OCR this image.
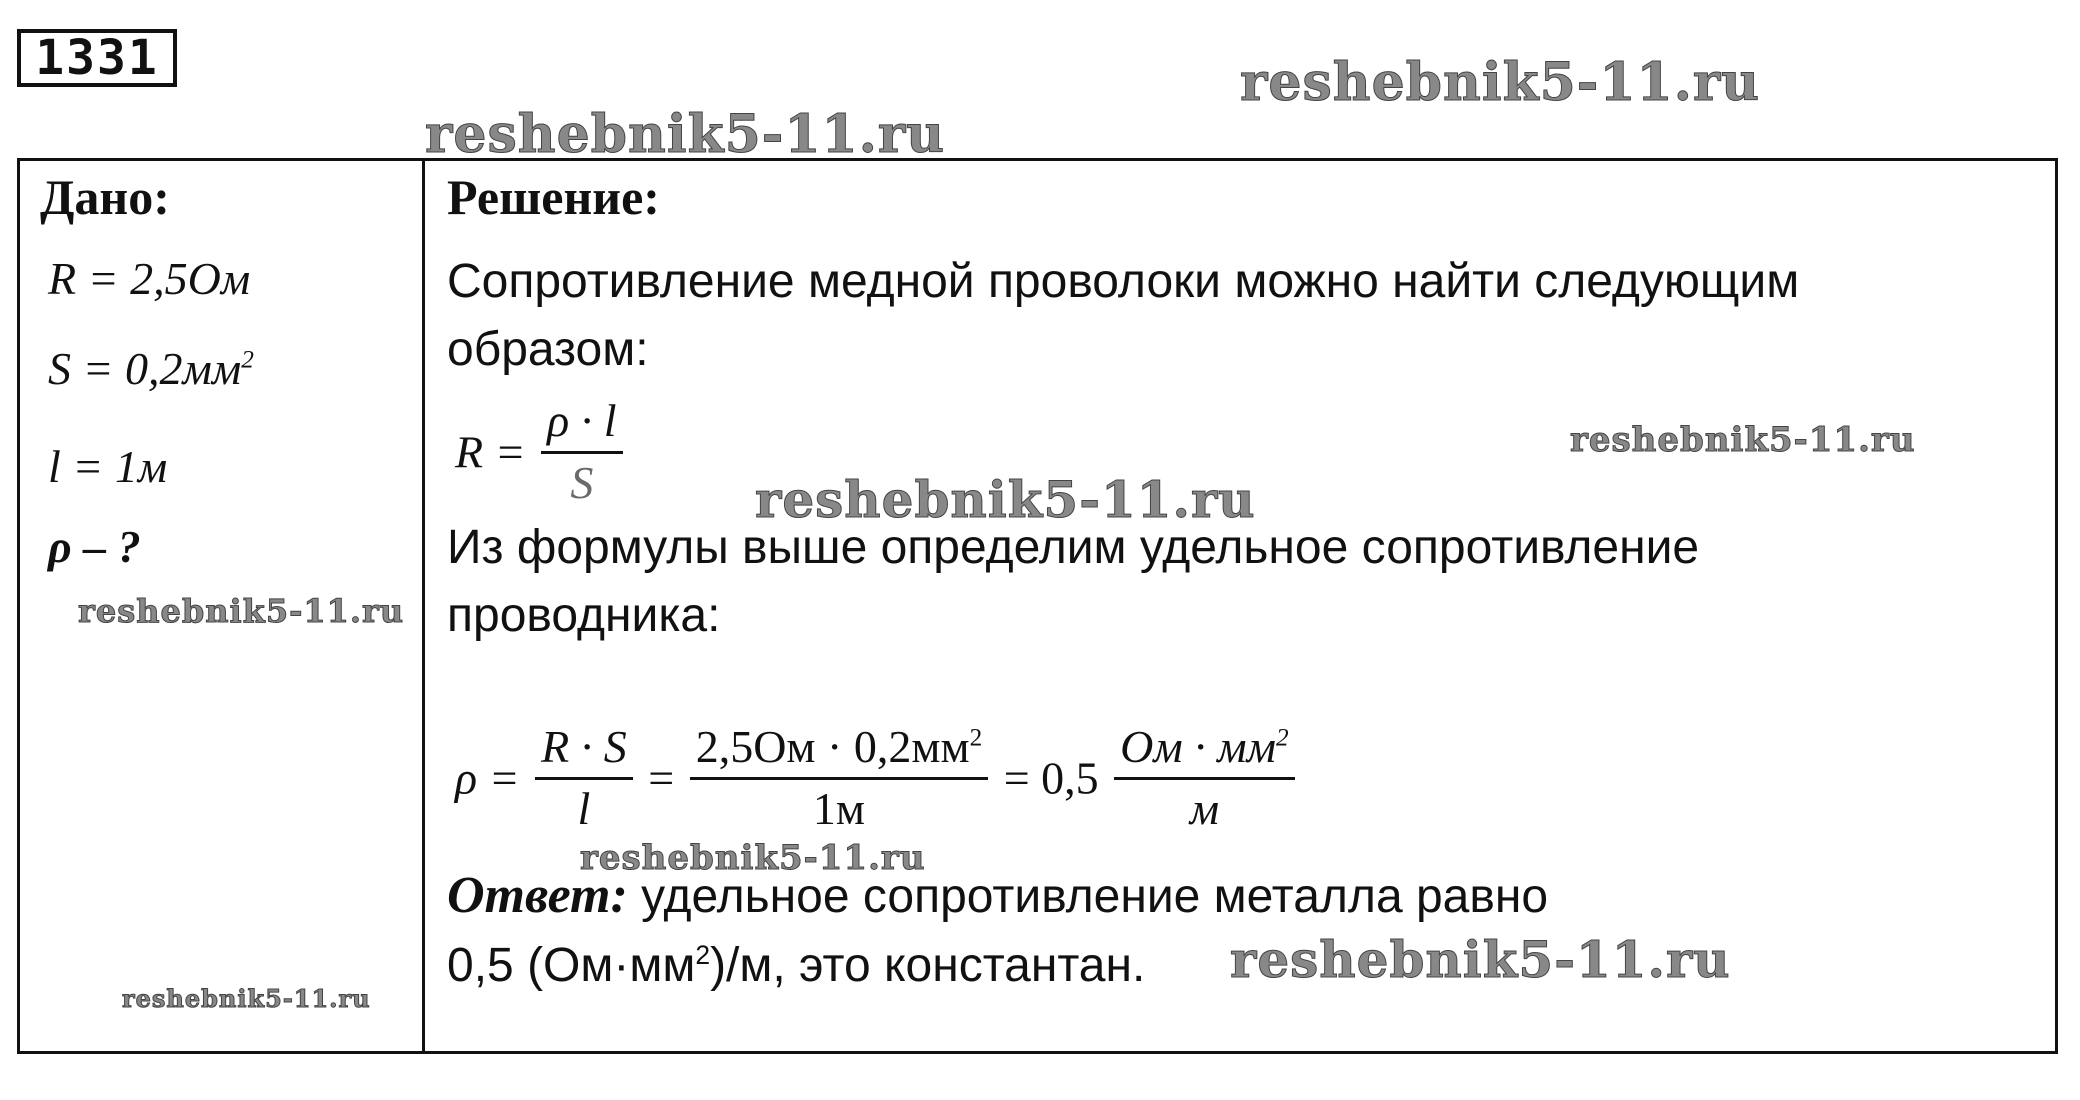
1331
Дано:
R = 2,5Ом
$S = 0,2мм^2$
l = 1м
ρ – ?
Решение:
Сопротивление медной проволоки можно найти следующим
образом:
$R = \frac{\rho \cdot l}{S}$
Из формулы выше определим удельное сопротивление
проводника:
$\rho = \frac{R \cdot S}{l} = \frac{2,5Ом \cdot 0,2мм^2}{1м} = 0,5 \frac{Ом \cdot мм^2}{м}$
Ответ: удельное сопротивление металла равно
0,5 $(Ом\cdot мм^2)/м$, это константан.
reshebnik5-11.ru
reshebnik5-11.ru
reshebnik5-11.ru
reshebnik5-11.ru
reshebnik5-11.ru
reshebnik5-11.ru
reshebnik5-11.ru
reshebnik5-11.ru
